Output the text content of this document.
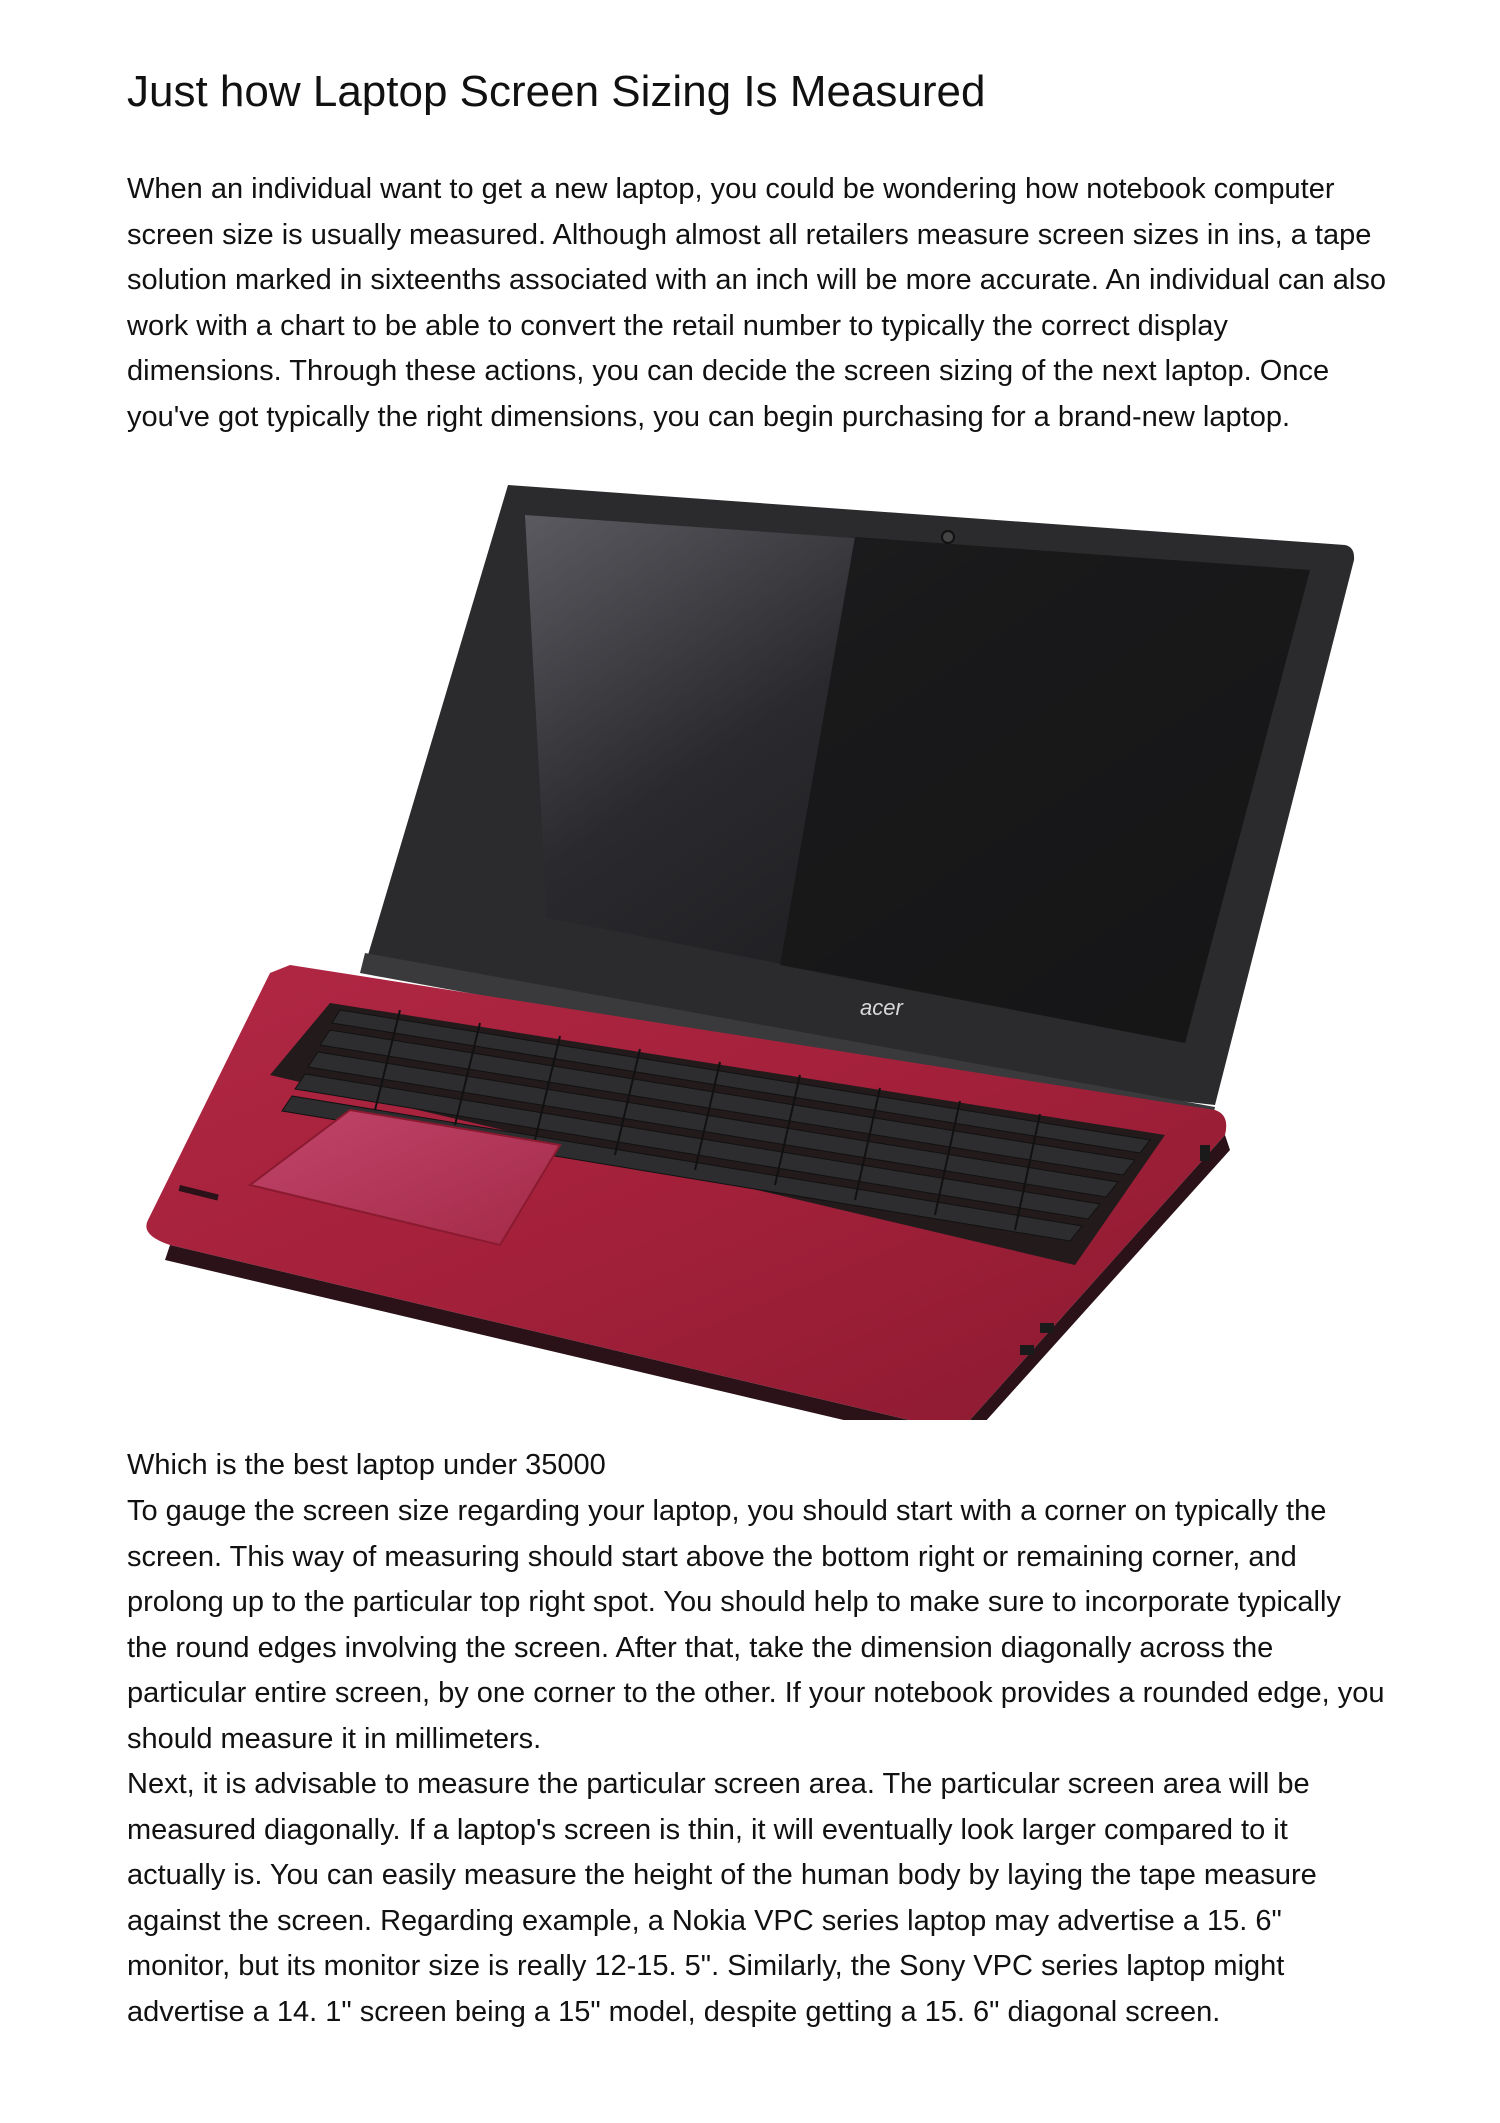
Just how Laptop Screen Sizing Is Measured

When an individual want to get a new laptop, you could be wondering how notebook computer screen size is usually measured. Although almost all retailers measure screen sizes in ins, a tape solution marked in sixteenths associated with an inch will be more accurate. An individual can also work with a chart to be able to convert the retail number to typically the correct display dimensions. Through these actions, you can decide the screen sizing of the next laptop. Once you've got typically the right dimensions, you can begin purchasing for a brand-new laptop.

acer

Which is the best laptop under 35000

To gauge the screen size regarding your laptop, you should start with a corner on typically the screen. This way of measuring should start above the bottom right or remaining corner, and prolong up to the particular top right spot. You should help to make sure to incorporate typically the round edges involving the screen. After that, take the dimension diagonally across the particular entire screen, by one corner to the other. If your notebook provides a rounded edge, you should measure it in millimeters.

Next, it is advisable to measure the particular screen area. The particular screen area will be measured diagonally. If a laptop's screen is thin, it will eventually look larger compared to it actually is. You can easily measure the height of the human body by laying the tape measure against the screen. Regarding example, a Nokia VPC series laptop may advertise a 15. 6" monitor, but its monitor size is really 12-15. 5". Similarly, the Sony VPC series laptop might advertise a 14. 1" screen being a 15" model, despite getting a 15. 6" diagonal screen.
